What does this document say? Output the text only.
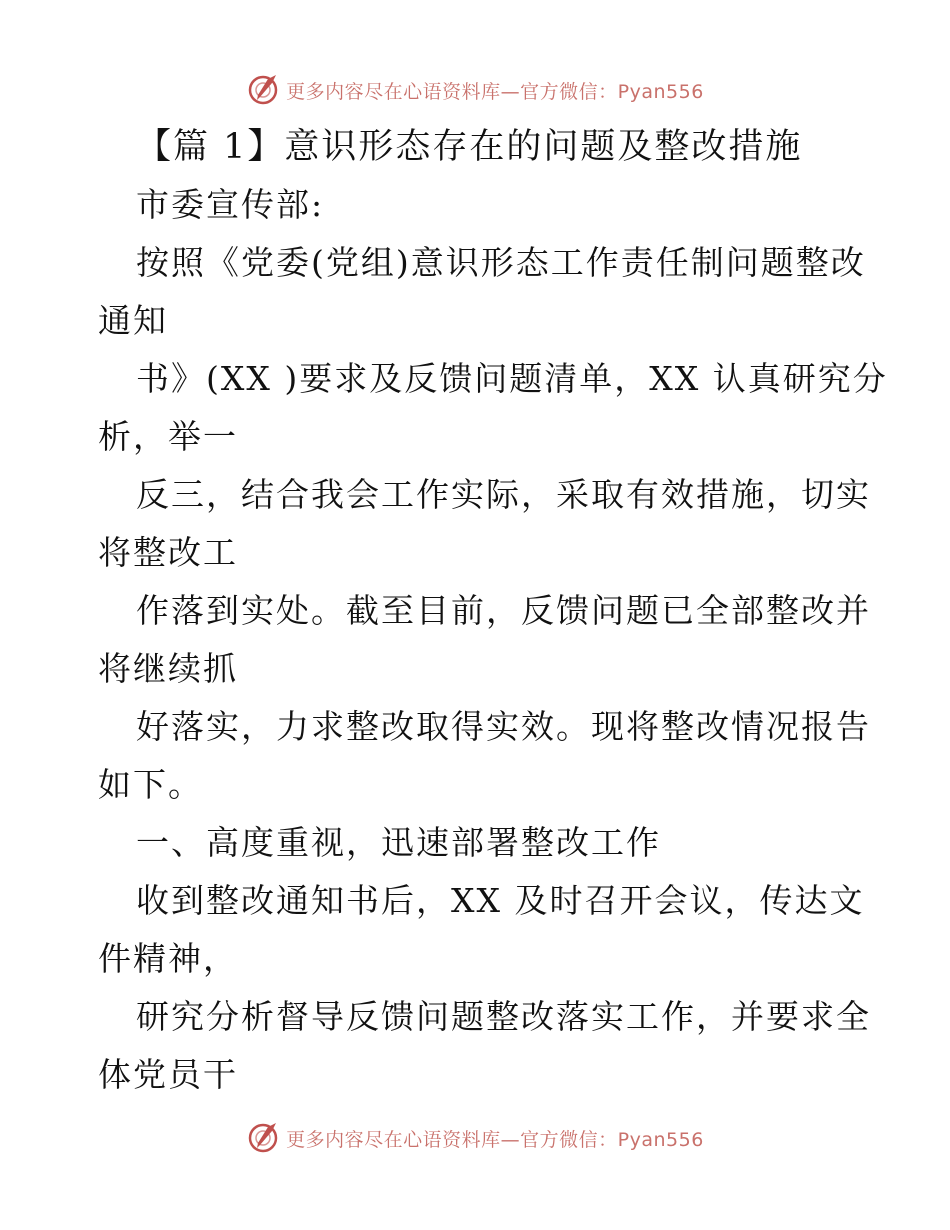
更多内容尽在心语资料库—官方微信：Pyan556
【篇 1】意识形态存在的问题及整改措施
市委宣传部:
按照《党委(党组)意识形态工作责任制问题整改
通知
书》(XX )要求及反馈问题清单，XX 认真研究分
析，举一
反三，结合我会工作实际，采取有效措施，切实
将整改工
作落到实处。截至目前，反馈问题已全部整改并
将继续抓
好落实，力求整改取得实效。现将整改情况报告
如下。
一、高度重视，迅速部署整改工作
收到整改通知书后，XX 及时召开会议，传达文
件精神，
研究分析督导反馈问题整改落实工作，并要求全
体党员干
更多内容尽在心语资料库—官方微信：Pyan556
